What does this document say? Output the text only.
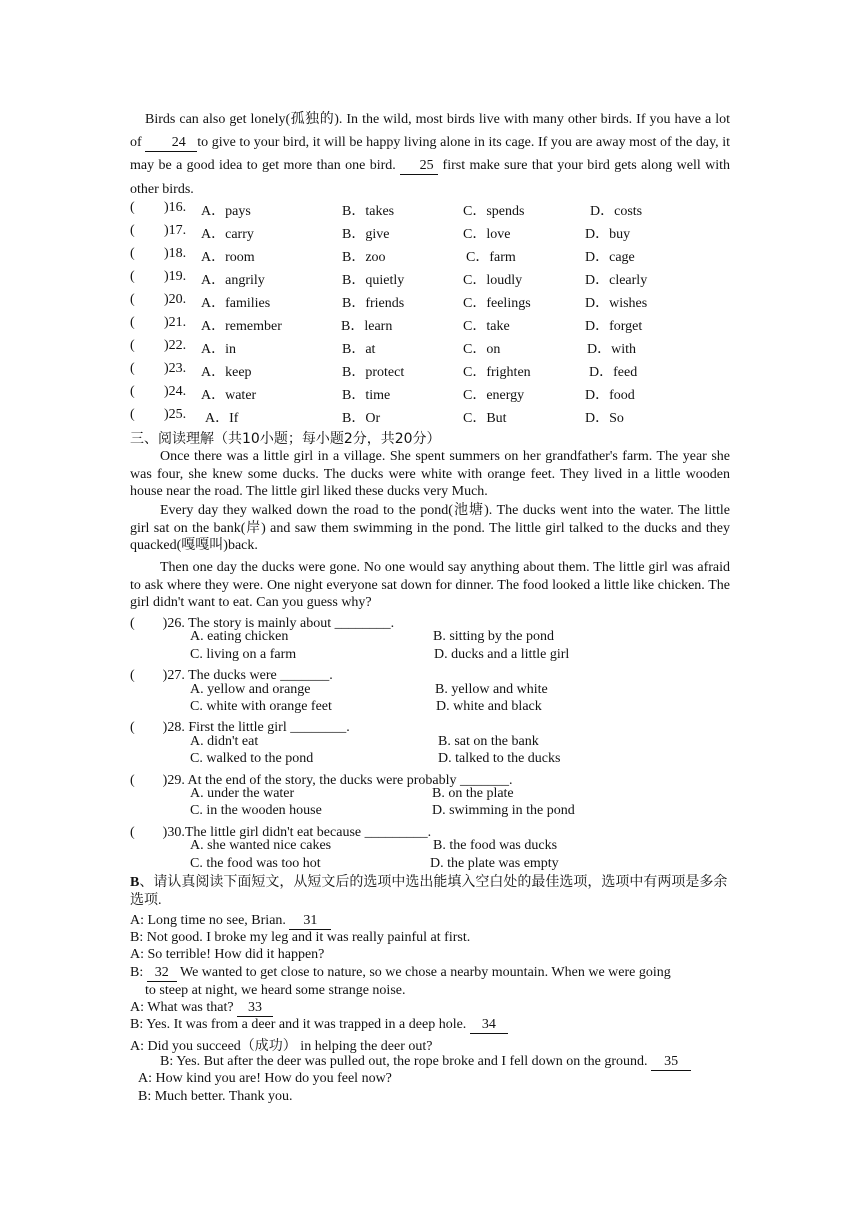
Birds can also get lonely(孤独的). In the wild, most birds live with many other birds. If you have a lot of 24 to give to your bird, it will be happy living alone in its cage. If you are away most of the day, it may be a good idea to get more than one bird. 25 first make sure that your bird gets along well with other birds.
( )16. A．pays	B．takes	C．spends	D．costs
( )17. A．carry	B．give	C．love	D．buy
( )18. A．room	B．zoo	C．farm	D．cage
( )19. A．angrily	B．quietly	C．loudly	D．clearly
( )20. A．families	B．friends	C．feelings	D．wishes
( )21. A．remember	B．learn	C．take	D．forget
( )22. A．in	B．at	C．on	D．with
( )23. A．keep	B．protect	C．frighten	D．feed
( )24. A．water	B．time	C．energy	D．food
( )25. A．If	B．Or	C．But	D．So
三、阅读理解（共10小题；每小题2分，共20分）
Once there was a little girl in a village. She spent summers on her grandfather's farm. The year she was four, she knew some ducks. The ducks were white with orange feet. They lived in a little wooden house near the road. The little girl liked these ducks very Much.
Every day they walked down the road to the pond(池塘). The ducks went into the water. The little girl sat on the bank(岸) and saw them swimming in the pond. The little girl talked to the ducks and they quacked(嘎嘎叫)back.
Then one day the ducks were gone. No one would say anything about them. The little girl was afraid to ask where they were. One night everyone sat down for dinner. The food looked a little like chicken. The girl didn't want to eat. Can you guess why?
(　　)26. The story is mainly about ________.
A. eating chicken	B. sitting by the pond
C. living on a farm	D. ducks and a little girl
(　　)27. The ducks were _______.
A. yellow and orange	B. yellow and white
C. white with orange feet	D. white and black
(　　)28. First the little girl ________.
A. didn't eat	B. sat on the bank
C. walked to the pond	D. talked to the ducks
(　　)29. At the end of the story, the ducks were probably _______.
A. under the water	B. on the plate
C. in the wooden house	D. swimming in the pond
(　　)30.The little girl didn't eat because _________.
A. she wanted nice cakes	B. the food was ducks
C. the food was too hot	D. the plate was empty
B、请认真阅读下面短文，从短文后的选项中选出能填入空白处的最佳选项，选项中有两项是多余选项.
A: Long time no see, Brian. 31
B: Not good. I broke my leg and it was really painful at first.
A: So terrible! How did it happen?
B: 32 We wanted to get close to nature, so we chose a nearby mountain. When we were going
to steep at night, we heard some strange noise.
A: What was that? 33
B: Yes. It was from a deer and it was trapped in a deep hole. 34
A: Did you succeed（成功） in helping the deer out?
B: Yes. But after the deer was pulled out, the rope broke and I fell down on the ground. 35
A: How kind you are! How do you feel now?
B: Much better. Thank you.
